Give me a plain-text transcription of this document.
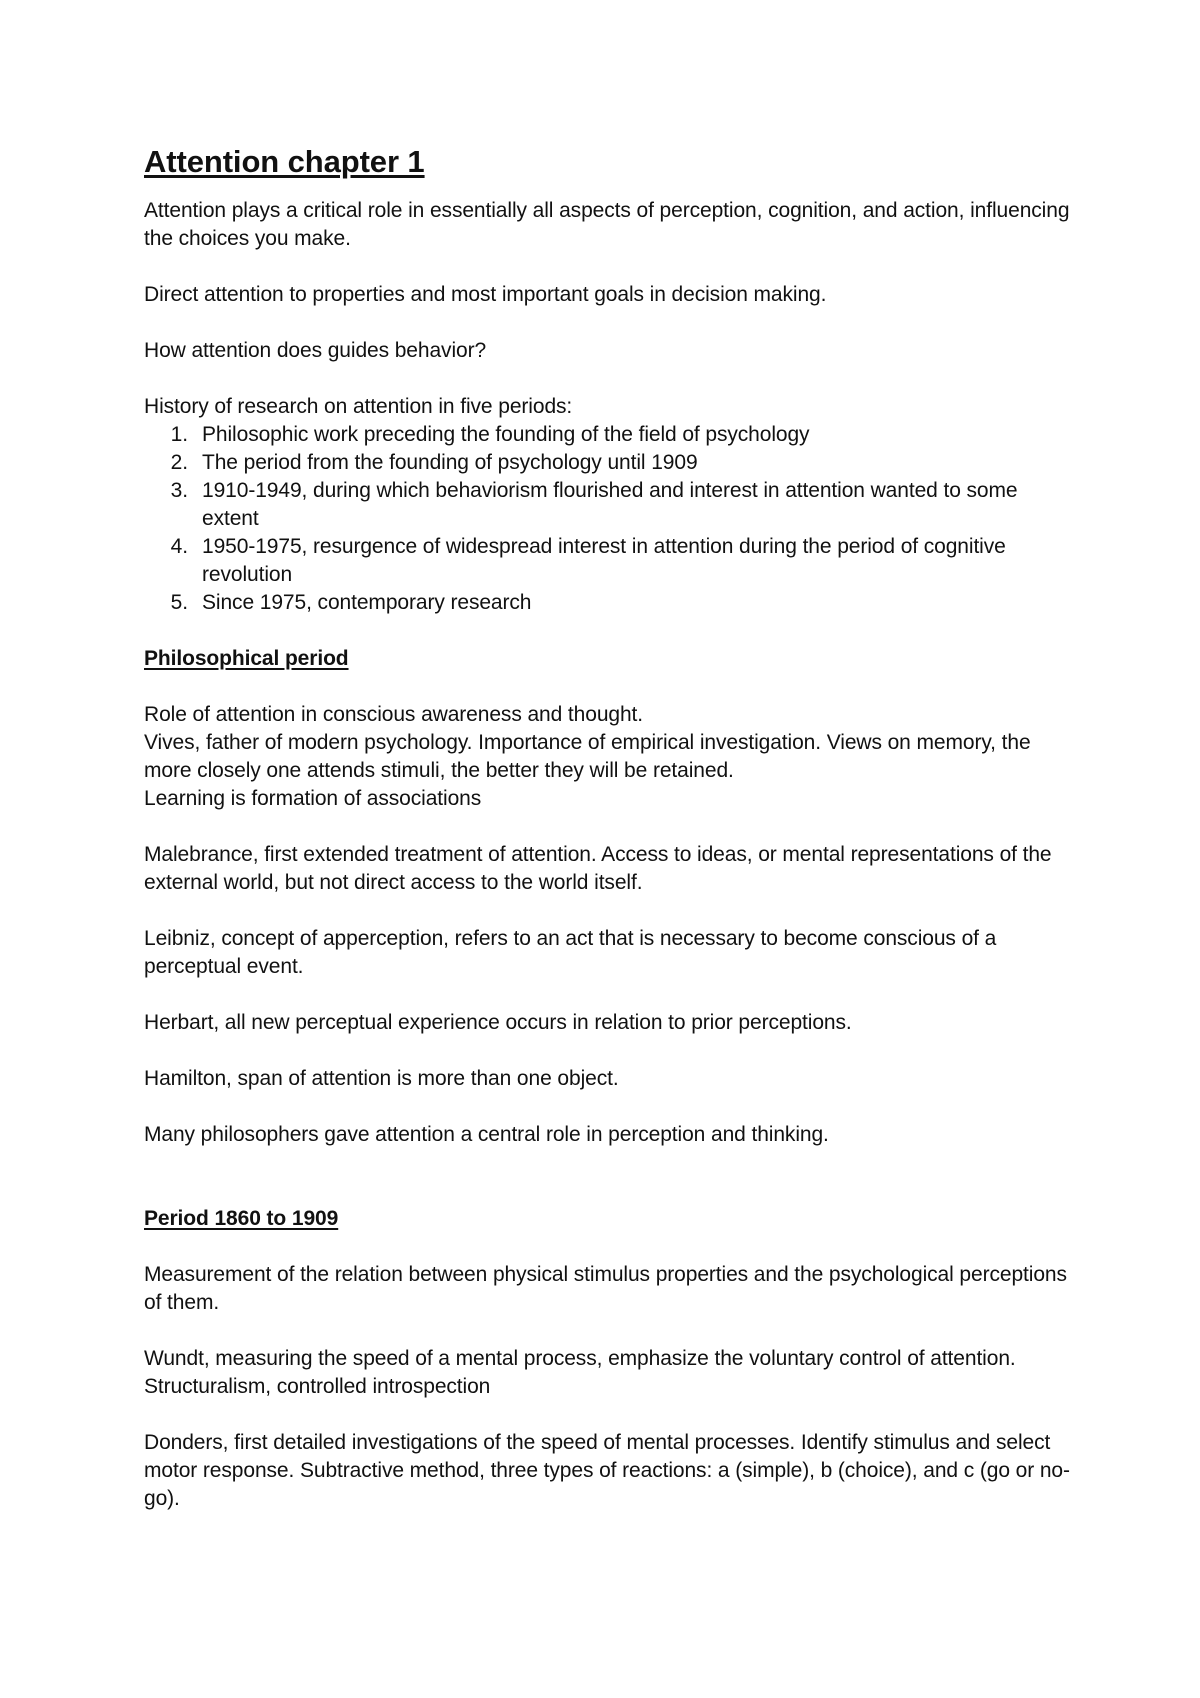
Attention chapter 1

Attention plays a critical role in essentially all aspects of perception, cognition, and action, influencing the choices you make.

Direct attention to properties and most important goals in decision making.

How attention does guides behavior?

History of research on attention in five periods:

1. Philosophic work preceding the founding of the field of psychology
2. The period from the founding of psychology until 1909
3. 1910-1949, during which behaviorism flourished and interest in attention wanted to some extent
4. 1950-1975, resurgence of widespread interest in attention during the period of cognitive revolution
5. Since 1975, contemporary research
Philosophical period

Role of attention in conscious awareness and thought.

Vives, father of modern psychology. Importance of empirical investigation. Views on memory, the more closely one attends stimuli, the better they will be retained.

Learning is formation of associations

Malebrance, first extended treatment of attention. Access to ideas, or mental representations of the external world, but not direct access to the world itself.

Leibniz, concept of apperception, refers to an act that is necessary to become conscious of a perceptual event.

Herbart, all new perceptual experience occurs in relation to prior perceptions.

Hamilton, span of attention is more than one object.

Many philosophers gave attention a central role in perception and thinking.

Period 1860 to 1909

Measurement of the relation between physical stimulus properties and the psychological perceptions of them.

Wundt, measuring the speed of a mental process, emphasize the voluntary control of attention. Structuralism, controlled introspection

Donders, first detailed investigations of the speed of mental processes. Identify stimulus and select motor response. Subtractive method, three types of reactions: a (simple), b (choice), and c (go or no-go).
